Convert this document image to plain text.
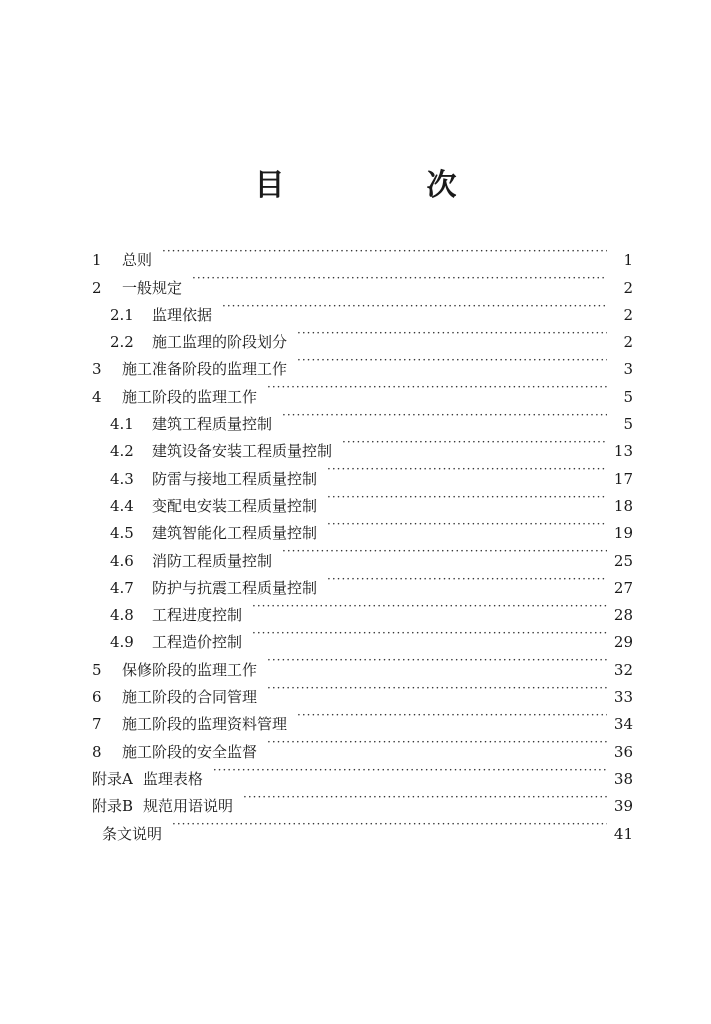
目　次
1	总则 ·····	1
2	一般规定 ·····	2
2.1	监理依据 ·····	2
2.2	施工监理的阶段划分 ·····	2
3	施工准备阶段的监理工作 ·····	3
4	施工阶段的监理工作 ·····	5
4.1	建筑工程质量控制 ·····	5
4.2	建筑设备安装工程质量控制 ·····	13
4.3	防雷与接地工程质量控制 ·····	17
4.4	变配电安装工程质量控制 ·····	18
4.5	建筑智能化工程质量控制 ·····	19
4.6	消防工程质量控制 ·····	25
4.7	防护与抗震工程质量控制 ·····	27
4.8	工程进度控制 ·····	28
4.9	工程造价控制 ·····	29
5	保修阶段的监理工作 ·····	32
6	施工阶段的合同管理 ·····	33
7	施工阶段的监理资料管理 ·····	34
8	施工阶段的安全监督 ·····	36
附录A 监理表格 ·····	38
附录B 规范用语说明 ·····	39
条文说明 ·····	41
